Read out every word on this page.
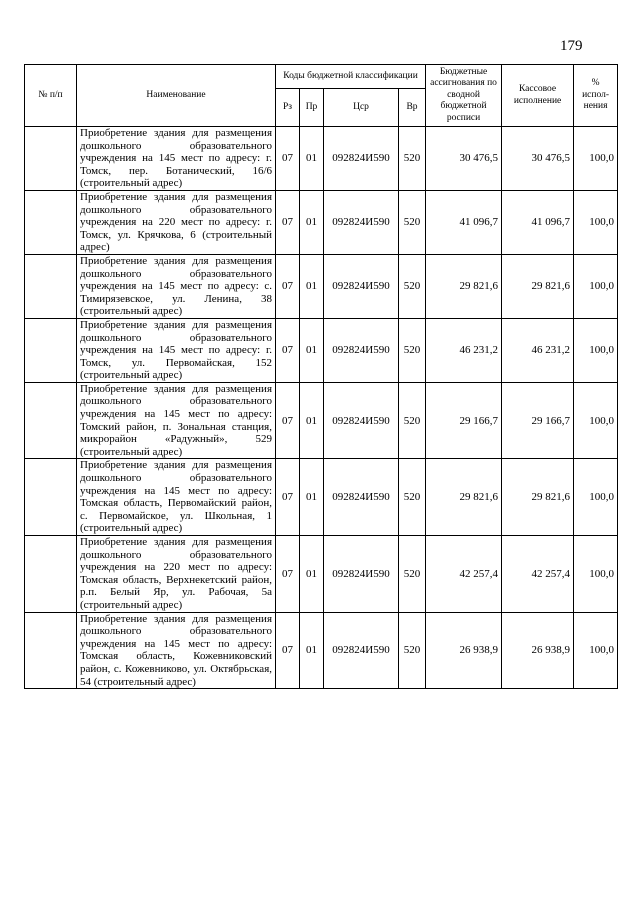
179
№ п/п	Наименование	Коды бюджетной классификации				Бюджетные ассигнования по сводной бюджетной росписи	Кассовое исполнение	% испол-нения
		Рз	Пр	Цср	Вр			
	Приобретение здания для размещения дошкольного образовательного учреждения на 145 мест по адресу: г. Томск, пер. Ботанический, 16/6 (строительный адрес)	07	01	092824И590	520	30 476,5	30 476,5	100,0
	Приобретение здания для размещения дошкольного образовательного учреждения на 220 мест по адресу: г. Томск, ул. Крячкова, 6 (строительный адрес)	07	01	092824И590	520	41 096,7	41 096,7	100,0
	Приобретение здания для размещения дошкольного образовательного учреждения на 145 мест по адресу: с. Тимирязевское, ул. Ленина, 38 (строительный адрес)	07	01	092824И590	520	29 821,6	29 821,6	100,0
	Приобретение здания для размещения дошкольного образовательного учреждения на 145 мест по адресу: г. Томск, ул. Первомайская, 152 (строительный адрес)	07	01	092824И590	520	46 231,2	46 231,2	100,0
	Приобретение здания для размещения дошкольного образовательного учреждения на 145 мест по адресу: Томский район, п. Зональная станция, микрорайон «Радужный», 529 (строительный адрес)	07	01	092824И590	520	29 166,7	29 166,7	100,0
	Приобретение здания для размещения дошкольного образовательного учреждения на 145 мест по адресу: Томская область, Первомайский район, с. Первомайское, ул. Школьная, 1 (строительный адрес)	07	01	092824И590	520	29 821,6	29 821,6	100,0
	Приобретение здания для размещения дошкольного образовательного учреждения на 220 мест по адресу: Томская область, Верхнекетский район, р.п. Белый Яр, ул. Рабочая, 5а (строительный адрес)	07	01	092824И590	520	42 257,4	42 257,4	100,0
	Приобретение здания для размещения дошкольного образовательного учреждения на 145 мест по адресу: Томская область, Кожевниковский район, с. Кожевниково, ул. Октябрьская, 54 (строительный адрес)	07	01	092824И590	520	26 938,9	26 938,9	100,0
